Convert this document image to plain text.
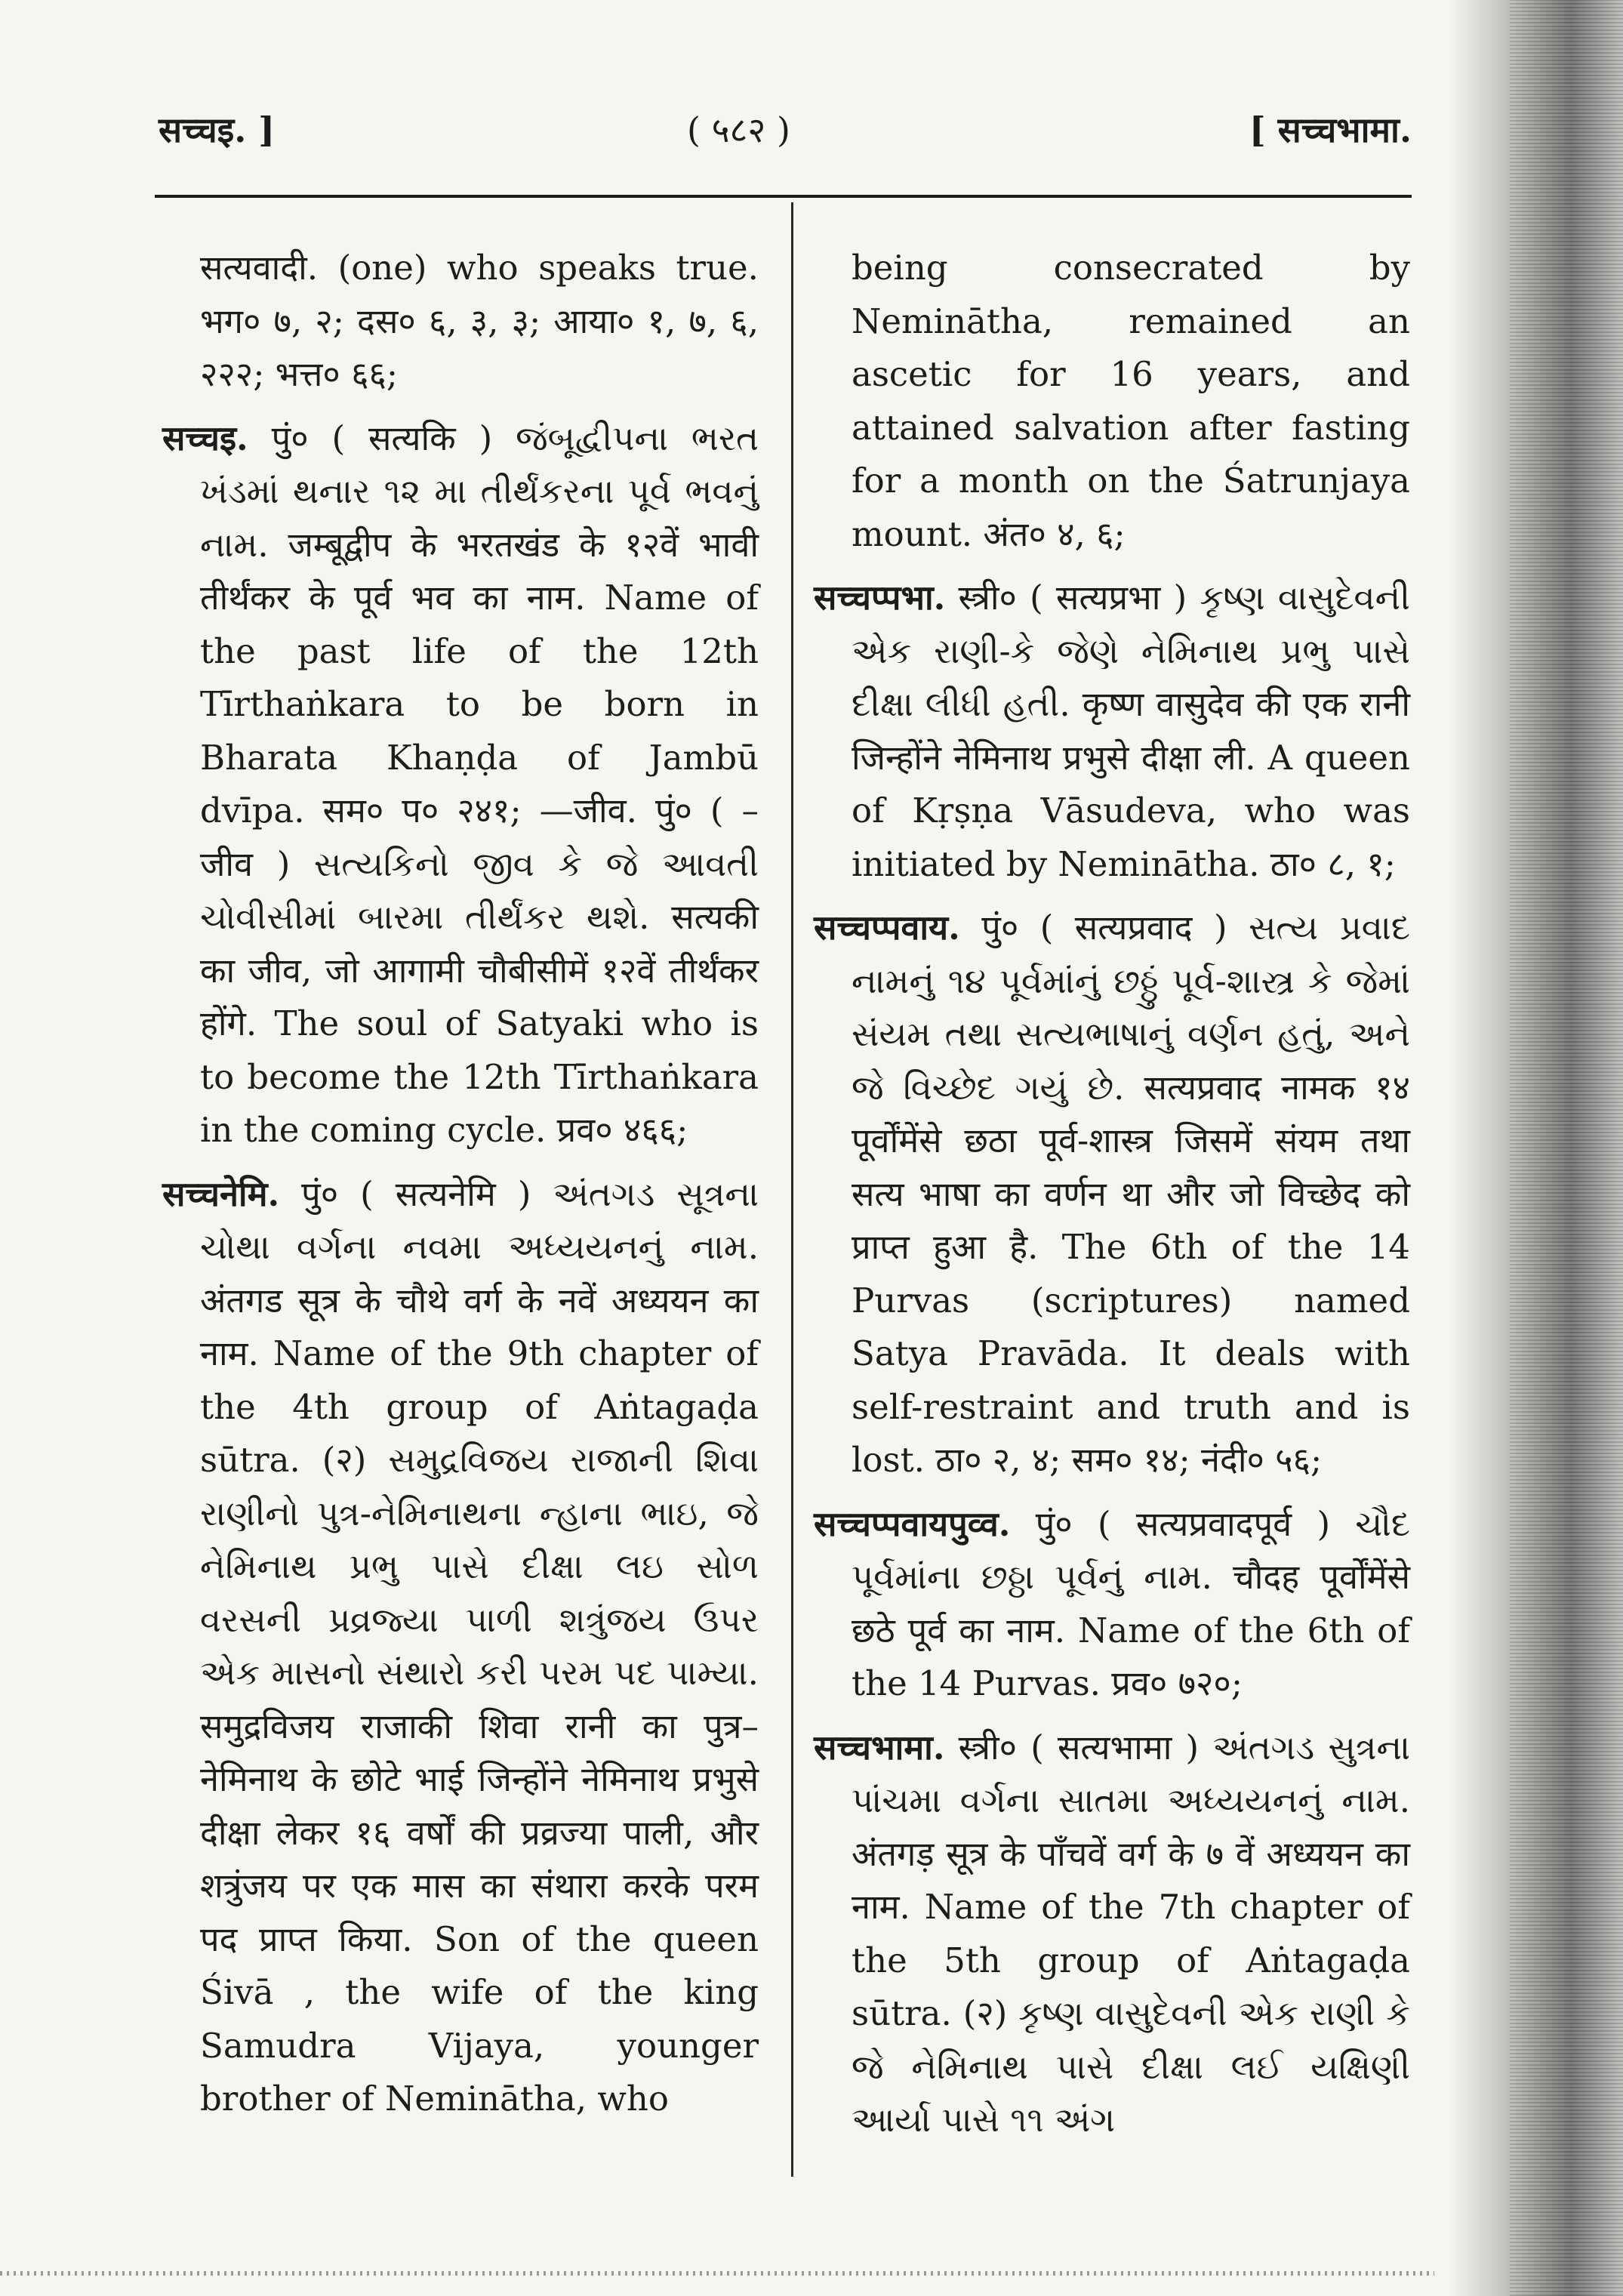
सच्चइ. ]	( ५८२ )	[ सच्चभामा.

सत्यवादी. (one) who speaks true. भग० ७, २; दस० ६, ३, ३; आया० १, ७, ६, २२२; भत्त० ६६;

सच्चइ. पुं० ( सत्यकि ) જંબૂદ્વીપના ભરત ખંડમાં થનાર ૧૨ મા તીર્થંકરના પૂર્વ ભવનું નામ. जम्बूद्वीप के भरतखंड के १२वें भावी तीर्थंकर के पूर्व भव का नाम. Name of the past life of the 12th Tīrthaṅkara to be born in Bharata Khaṇḍa of Jambū dvīpa. सम० प० २४१; —जीव. पुं० ( –जीव ) સત્યકિનો જીવ કે જે આવતી ચોવીસીમાં બારમા તીર્થંકર થશે. सत्यकी का जीव, जो आगामी चौबीसीमें १२वें तीर्थंकर होंगे. The soul of Satyaki who is to become the 12th Tīrthaṅkara in the coming cycle. प्रव० ४६६;

सच्चनेमि. पुं० ( सत्यनेमि ) અંતગડ સૂત્રના ચોથા વર્ગના નવમા અધ્યયનનું નામ. अंतगड सूत्र के चौथे वर्ग के नवें अध्ययन का नाम. Name of the 9th chapter of the 4th group of Aṅtagaḍa sūtra. (२) સમુદ્રવિજય રાજાની શિવા રાણીનો પુત્ર-નેમિનાથના ન્હાના ભાઇ, જે નેમિનાથ પ્રભુ પાસે દીક્ષા લઇ સોળ વરસની પ્રવ્રજ્યા પાળી શત્રુંજય ઉપર એક માસનો સંથારો કરી પરમ પદ પામ્યા. समुद्रविजय राजाकी शिवा रानी का पुत्र–नेमिनाथ के छोटे भाई जिन्होंने नेमिनाथ प्रभुसे दीक्षा लेकर १६ वर्षों की प्रव्रज्या पाली, और शत्रुंजय पर एक मास का संथारा करके परम पद प्राप्त किया. Son of the queen Śivā , the wife of the king Samudra Vijaya, younger brother of Neminātha, who

being consecrated by Neminātha, remained an ascetic for 16 years, and attained salvation after fasting for a month on the Śatrunjaya mount. अंत० ४, ६;

सच्चप्पभा. स्त्री० ( सत्यप्रभा ) કૃષ્ણ વાસુદેવની એક રાણી-કે જેણે નેમિનાથ પ્રભુ પાસે દીક્ષા લીધી હતી. कृष्ण वासुदेव की एक रानी जिन्होंने नेमिनाथ प्रभुसे दीक्षा ली. A queen of Kṛṣṇa Vāsudeva, who was initiated by Neminātha. ठा० ८, १;

सच्चप्पवाय. पुं० ( सत्यप्रवाद ) સત્ય પ્રવાદ નામનું ૧૪ પૂર્વમાંનું છઠ્ઠું પૂર્વ-શાસ્ત્ર કે જેમાં સંયમ તથા સત્યભાષાનું વર્ણન હતું, અને જે વિચ્છેદ ગયું છે. सत्यप्रवाद नामक १४ पूर्वोंमेंसे छठा पूर्व-शास्त्र जिसमें संयम तथा सत्य भाषा का वर्णन था और जो विच्छेद को प्राप्त हुआ है. The 6th of the 14 Purvas (scriptures) named Satya Pravāda. It deals with self-restraint and truth and is lost. ठा० २, ४; सम० १४; नंदी० ५६;

सच्चप्पवायपुव्व. पुं० ( सत्यप्रवादपूर्व ) ચૌદ પૂર્વમાંના છઠ્ઠા પૂર્વનું નામ. चौदह पूर्वोंमेंसे छठे पूर्व का नाम. Name of the 6th of the 14 Purvas. प्रव० ७२०;

सच्चभामा. स्त्री० ( सत्यभामा ) અંતગડ સુત્રના પાંચમા વર્ગના સાતમા અધ્યયનનું નામ. अंतगड़ सूत्र के पाँचवें वर्ग के ७ वें अध्ययन का नाम. Name of the 7th chapter of the 5th group of Aṅtagaḍa sūtra. (२) કૃષ્ણ વાસુદેવની એક રાણી કે જે નેમિનાથ પાસે દીક્ષા લઈ યક્ષિણી આર્યા પાસે ૧૧ અંગ
